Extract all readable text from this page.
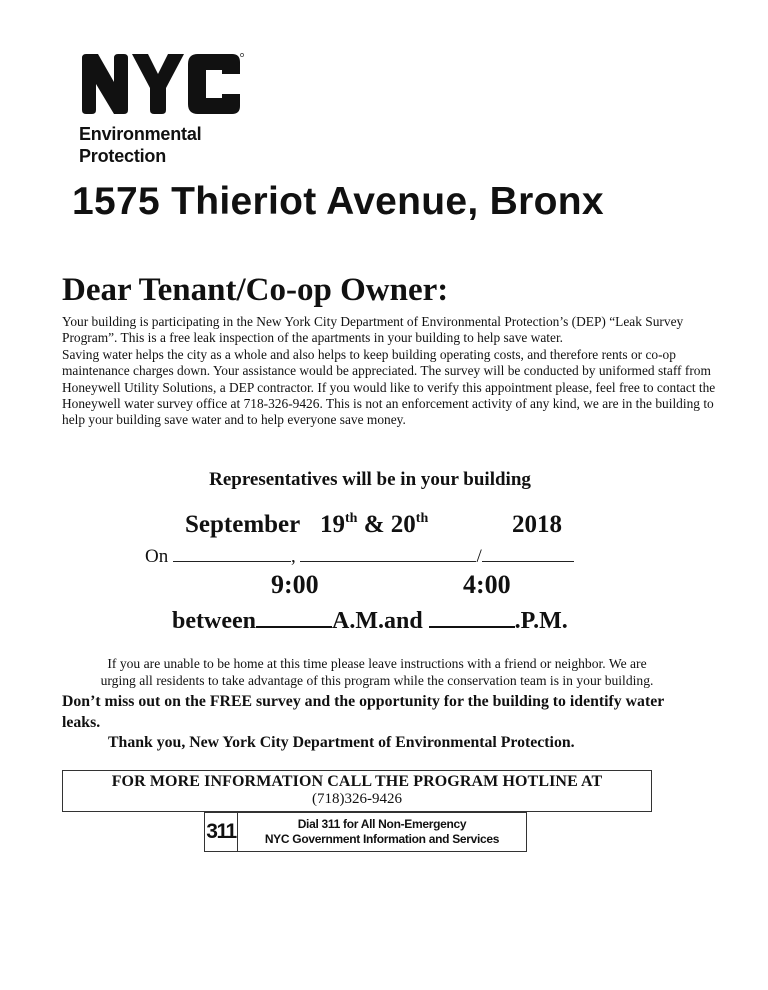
Environmental
Protection
1575 Thieriot Avenue, Bronx
Dear Tenant/Co-op Owner:

Your building is participating in the New York City Department of Environmental Protection’s (DEP) “Leak Survey Program”. This is a free leak inspection of the apartments in your building to help save water.

Saving water helps the city as a whole and also helps to keep building operating costs, and therefore rents or co-op maintenance charges down. Your assistance would be appreciated. The survey will be conducted by uniformed staff from Honeywell Utility Solutions, a DEP contractor. If you would like to verify this appointment please, feel free to contact the Honeywell water survey office at 718-326-9426. This is not an enforcement activity of any kind, we are in the building to help your building save water and to help everyone save money.

Representatives will be in your building
September 19th & 20th	2018
On	,	/
9:00	4:00
between	A.M.and	.P.M.

If you are unable to be home at this time please leave instructions with a friend or neighbor. We are

urging all residents to take advantage of this program while the conservation team is in your building.

Don’t miss out on the FREE survey and the opportunity for the building to identify water leaks.
Thank you, New York City Department of Environmental Protection.
FOR MORE INFORMATION CALL THE PROGRAM HOTLINE AT
(718)326-9426
311	Dial 311 for All Non-Emergency
NYC Government Information and Services
